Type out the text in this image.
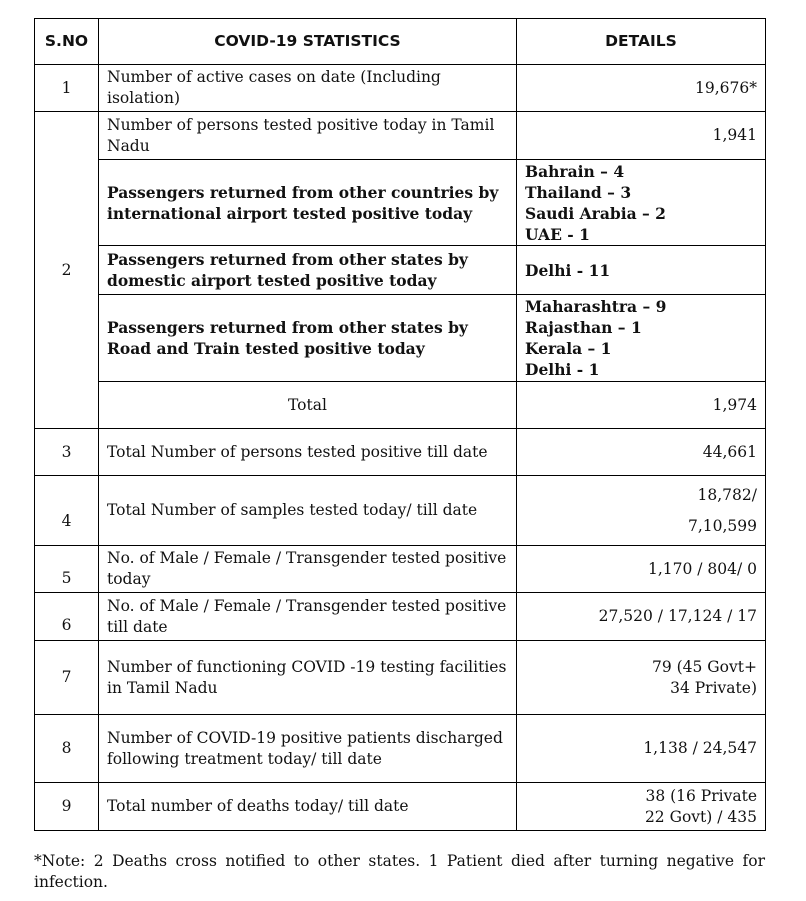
S.NO	COVID-19 STATISTICS	DETAILS
1	Number of active cases on date (Including isolation)	19,676*
2	Number of persons tested positive today in Tamil Nadu	1,941
	Passengers returned from other countries by international airport tested positive today	Bahrain – 4
Thailand – 3
Saudi Arabia – 2
UAE - 1

	Passengers returned from other states by domestic airport tested positive today	Delhi - 11

	Passengers returned from other states by Road and Train tested positive today	Maharashtra – 9
Rajasthan – 1
Kerala – 1
Delhi - 1

	Total	1,974
3	Total Number of persons tested positive till date	44,661
4	Total Number of samples tested today/ till date	18,782/
7,10,599

5	No. of Male / Female / Transgender tested positive today	1,170 / 804/ 0
6	No. of Male / Female / Transgender tested positive till date	27,520 / 17,124 / 17
7	Number of functioning COVID -19 testing facilities in Tamil Nadu	79 (45 Govt+
34 Private)

8	Number of COVID-19 positive patients discharged following treatment today/ till date	1,138 / 24,547
9	Total number of deaths today/ till date	38 (16 Private
22 Govt) / 435
*Note: 2 Deaths cross notified to other states. 1 Patient died after turning negative for infection.
